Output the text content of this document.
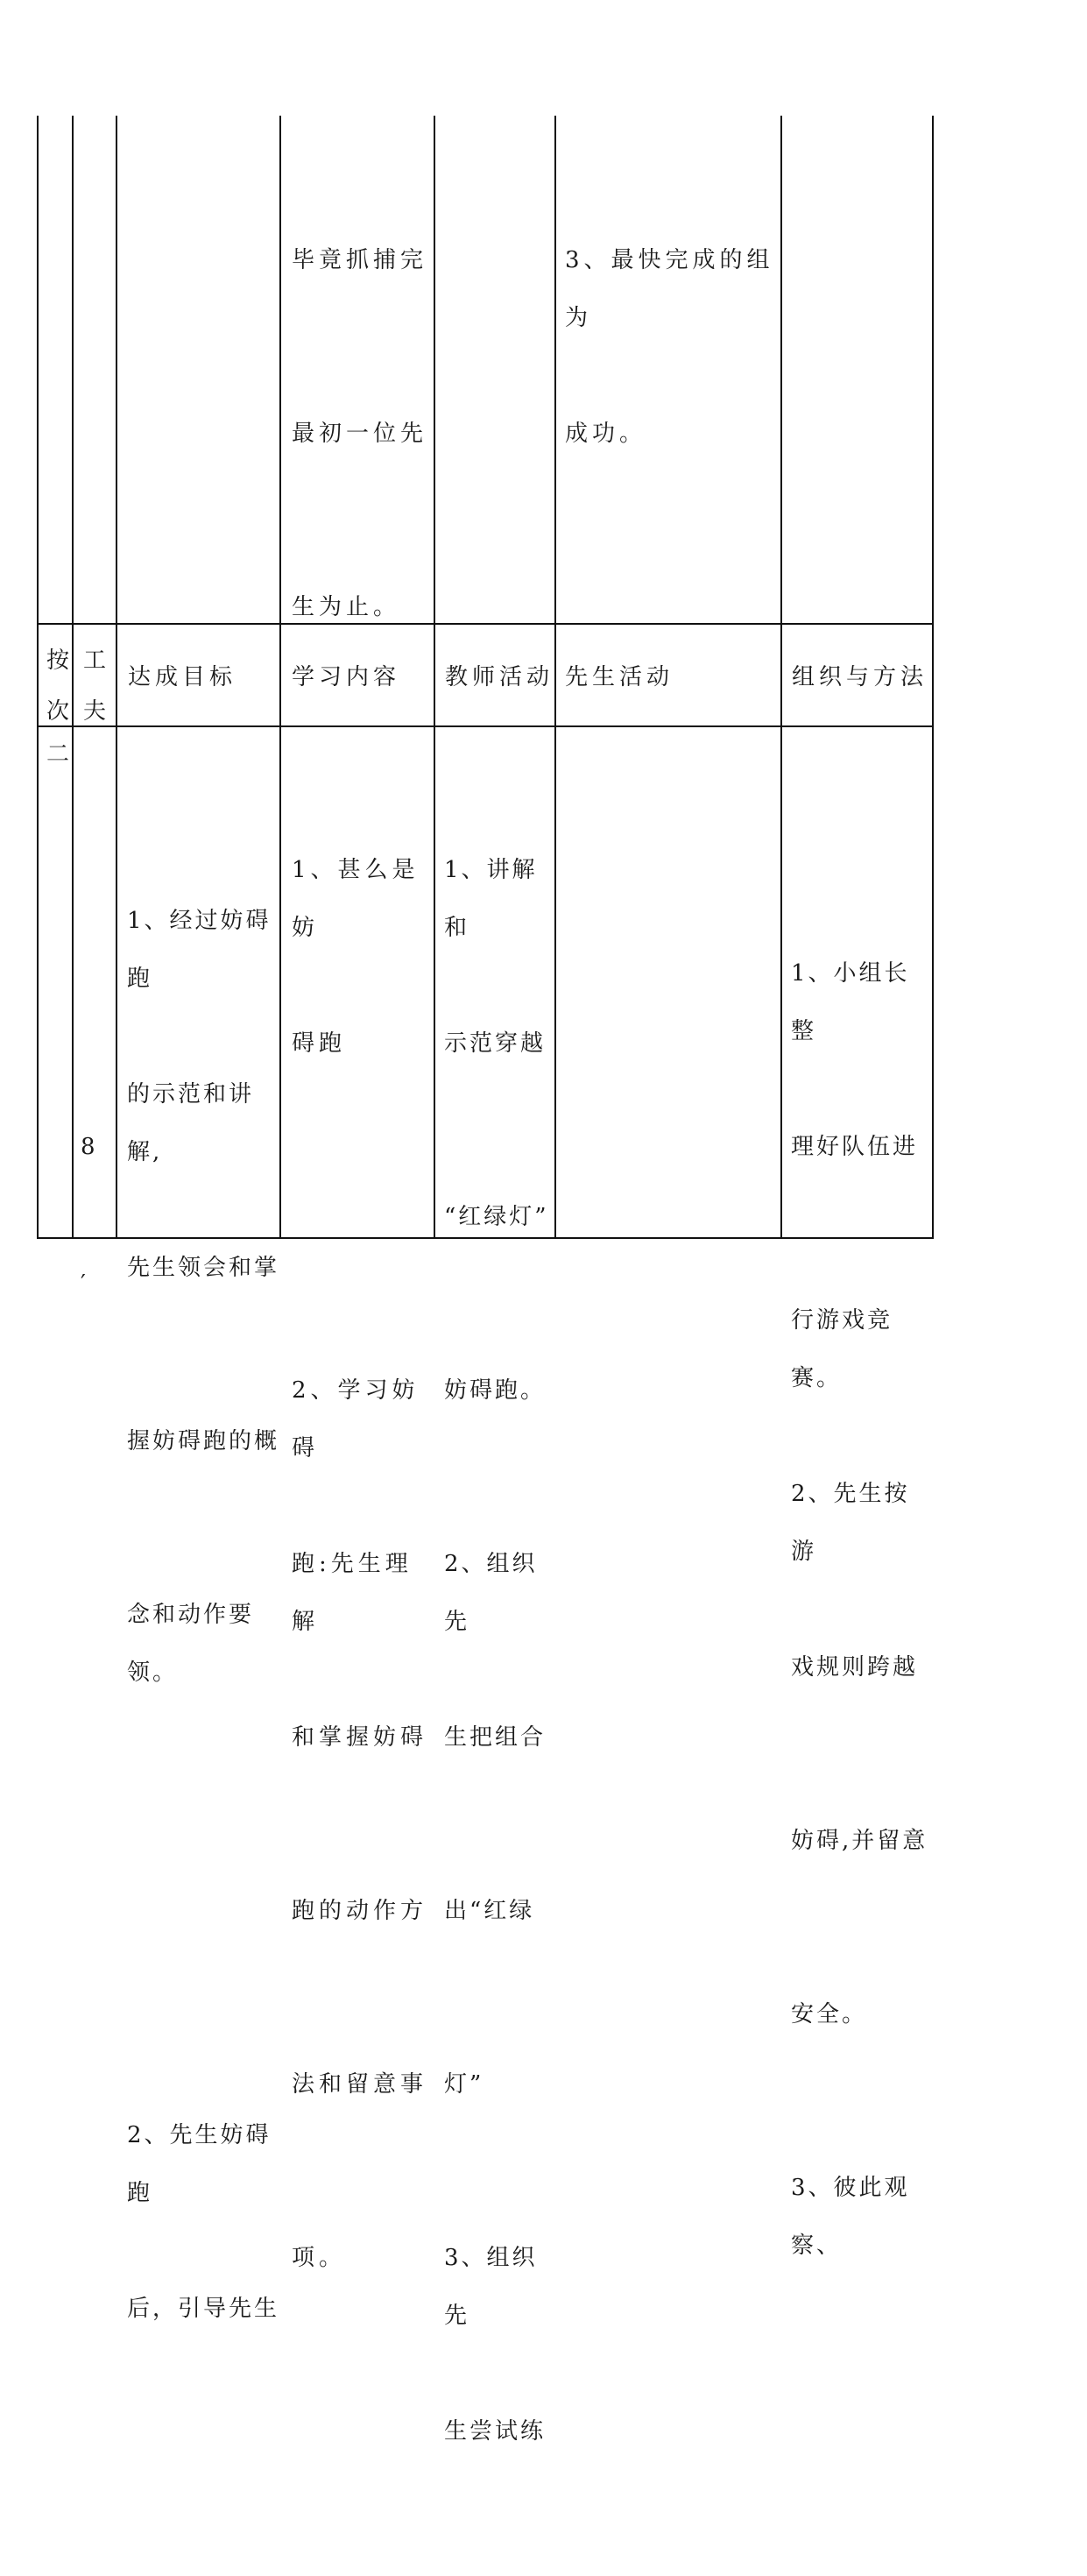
毕竟抓捕完

最初一位先

生为止。

3、最快完成的组为

成功。

按
次
工
夫
达成目标 学习内容 教师活动 先生活动	组织与方法
二

8

′

1、经过妨碍跑

的示范和讲解,

先生领会和掌

握妨碍跑的概

念和动作要领。

2、先生妨碍跑

后，引导先生

1、甚么是妨

碍跑

2、学习妨碍

跑:先生理解

和掌握妨碍

跑的动作方

法和留意事

项。

1、讲解和

示范穿越

“红绿灯”

妨碍跑。

2、组织先

生把组合

出“红绿

灯”

3、组织先

生尝试练

1、小组长整

理好队伍进

行游戏竞赛。

2、先生按游

戏规则跨越

妨碍,并留意

安全。

3、彼此观察、
